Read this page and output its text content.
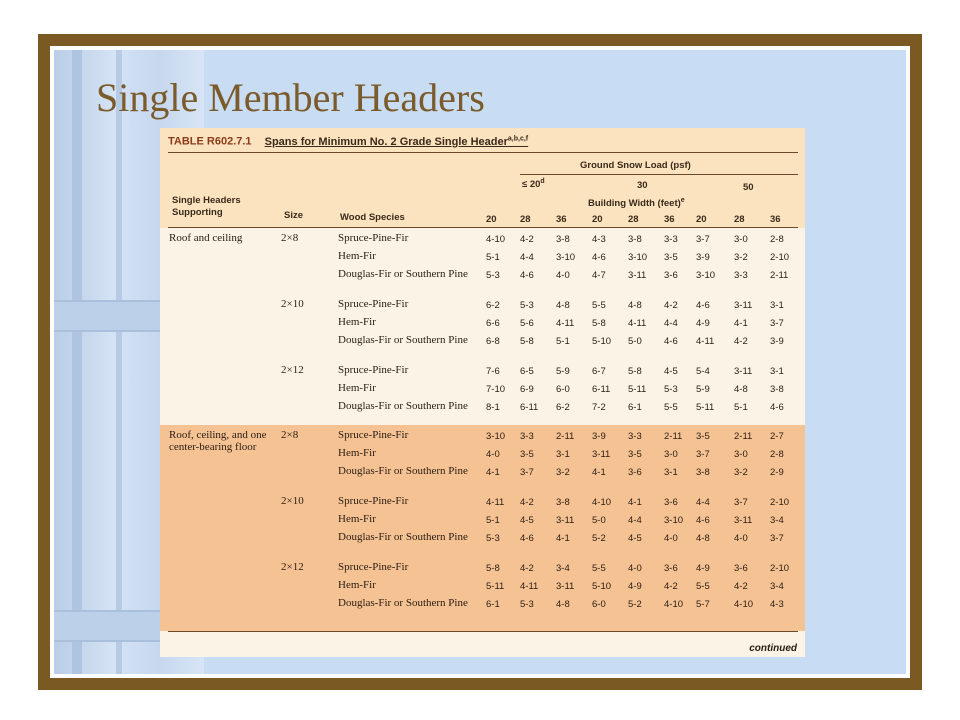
Single Member Headers
TABLE R602.7.1 Spans for Minimum No. 2 Grade Single Header$^{a,b,c,f}$
Ground Snow Load (psf)
≤ $20^d$	30	50
Building Width (feet)$^e$
Single Headers Supporting	Size	Wood Species	20 28	36	20	28	36 20	28	36
Roof and ceiling	2×8	Spruce-Pine-Fir	4-10 4-2 3-8 4-3 3-8 3-3 3-7	3-0 2-8
Hem-Fir	5-1 4-4 3-10 4-6 3-10 3-5 3-9	3-2 2-10
Douglas-Fir or Southern Pine 5-3 4-6 4-0 4-7 3-11 3-6 3-10 3-3 2-11
2×10	Spruce-Pine-Fir	6-2 5-3 4-8 5-5 4-8 4-2 4-6	3-11 3-1
Hem-Fir	6-6 5-6 4-11 5-8 4-11 4-4 4-9	4-1 3-7
Douglas-Fir or Southern Pine 6-8 5-8 5-1 5-10 5-0 4-6 4-11 4-2 3-9
2×12	Spruce-Pine-Fir	7-6 6-5 5-9 6-7 5-8 4-5 5-4	3-11 3-1
Hem-Fir	7-10 6-9 6-0 6-11 5-11 5-3 5-9	4-8 3-8
Douglas-Fir or Southern Pine 8-1 6-11 6-2 7-2 6-1 5-5 5-11 5-1 4-6
Roof, ceiling, and one center-bearing floor
2×8	Spruce-Pine-Fir	3-10 3-3 2-11 3-9 3-3 2-11 3-5	2-11 2-7
Hem-Fir	4-0 3-5 3-1 3-11 3-5 3-0 3-7	3-0 2-8
Douglas-Fir or Southern Pine 4-1 3-7 3-2 4-1 3-6 3-1 3-8	3-2 2-9
2×10	Spruce-Pine-Fir	4-11 4-2 3-8 4-10 4-1 3-6 4-4	3-7 2-10
Hem-Fir	5-1 4-5 3-11 5-0 4-4 3-10 4-6	3-11 3-4
Douglas-Fir or Southern Pine 5-3 4-6 4-1 5-2 4-5 4-0 4-8	4-0 3-7
2×12	Spruce-Pine-Fir	5-8 4-2 3-4 5-5 4-0 3-6 4-9	3-6 2-10
Hem-Fir	5-11 4-11 3-11 5-10 4-9 4-2 5-5	4-2 3-4
Douglas-Fir or Southern Pine 6-1 5-3 4-8 6-0 5-2 4-10 5-7	4-10 4-3
continued
